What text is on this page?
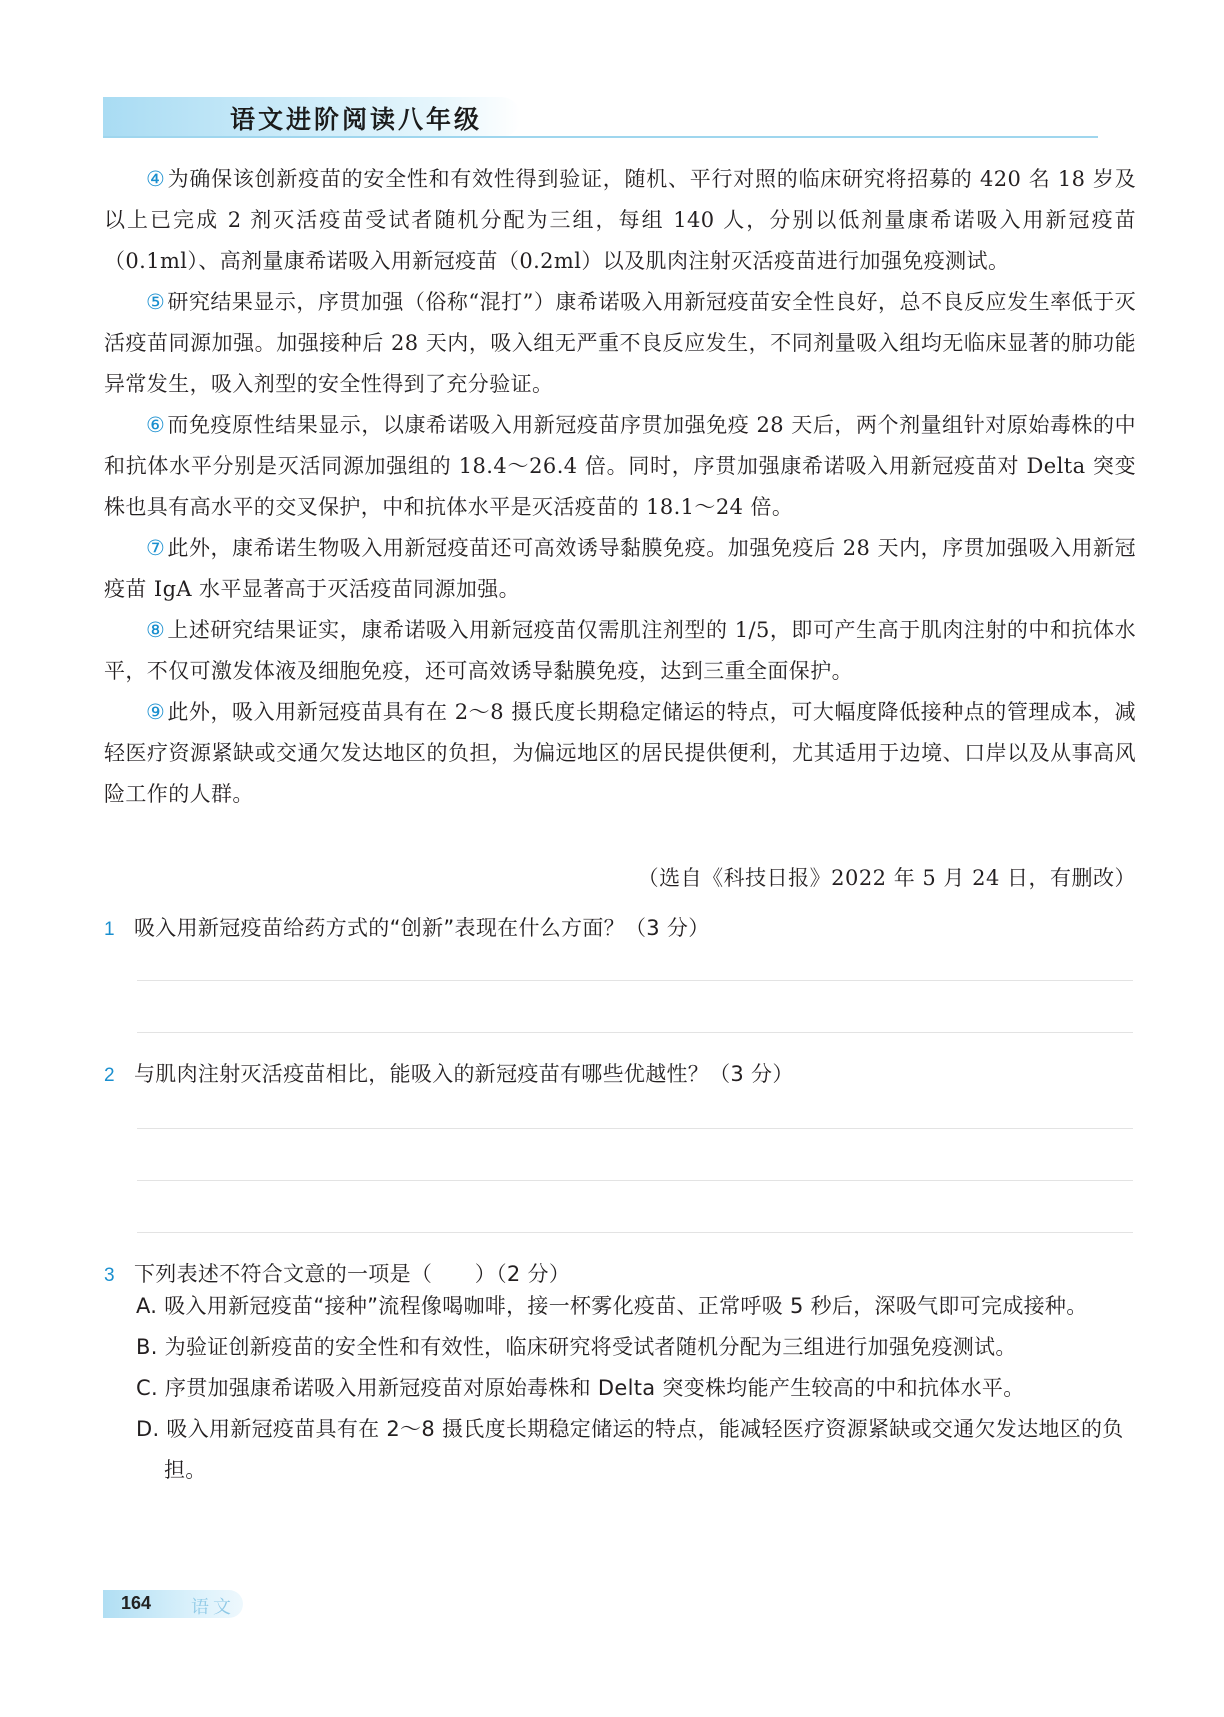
语文进阶阅读八年级

④为确保该创新疫苗的安全性和有效性得到验证，随机、平行对照的临床研究将招募的 420 名 18 岁及以上已完成 2 剂灭活疫苗受试者随机分配为三组，每组 140 人，分别以低剂量康希诺吸入用新冠疫苗（0.1ml）、高剂量康希诺吸入用新冠疫苗（0.2ml）以及肌肉注射灭活疫苗进行加强免疫测试。

⑤研究结果显示，序贯加强（俗称“混打”）康希诺吸入用新冠疫苗安全性良好，总不良反应发生率低于灭活疫苗同源加强。加强接种后 28 天内，吸入组无严重不良反应发生，不同剂量吸入组均无临床显著的肺功能异常发生，吸入剂型的安全性得到了充分验证。

⑥而免疫原性结果显示，以康希诺吸入用新冠疫苗序贯加强免疫 28 天后，两个剂量组针对原始毒株的中和抗体水平分别是灭活同源加强组的 18.4～26.4 倍。同时，序贯加强康希诺吸入用新冠疫苗对 Delta 突变株也具有高水平的交叉保护，中和抗体水平是灭活疫苗的 18.1～24 倍。

⑦此外，康希诺生物吸入用新冠疫苗还可高效诱导黏膜免疫。加强免疫后 28 天内，序贯加强吸入用新冠疫苗 IgA 水平显著高于灭活疫苗同源加强。

⑧上述研究结果证实，康希诺吸入用新冠疫苗仅需肌注剂型的 1/5，即可产生高于肌肉注射的中和抗体水平，不仅可激发体液及细胞免疫，还可高效诱导黏膜免疫，达到三重全面保护。

⑨此外，吸入用新冠疫苗具有在 2～8 摄氏度长期稳定储运的特点，可大幅度降低接种点的管理成本，减轻医疗资源紧缺或交通欠发达地区的负担，为偏远地区的居民提供便利，尤其适用于边境、口岸以及从事高风险工作的人群。

（选自《科技日报》2022 年 5 月 24 日，有删改）
1 吸入用新冠疫苗给药方式的“创新”表现在什么方面？（3 分）
2 与肌肉注射灭活疫苗相比，能吸入的新冠疫苗有哪些优越性？（3 分）
3 下列表述不符合文意的一项是（　　）（2 分）

A. 吸入用新冠疫苗“接种”流程像喝咖啡，接一杯雾化疫苗、正常呼吸 5 秒后，深吸气即可完成接种。

B. 为验证创新疫苗的安全性和有效性，临床研究将受试者随机分配为三组进行加强免疫测试。

C. 序贯加强康希诺吸入用新冠疫苗对原始毒株和 Delta 突变株均能产生较高的中和抗体水平。

D. 吸入用新冠疫苗具有在 2～8 摄氏度长期稳定储运的特点，能减轻医疗资源紧缺或交通欠发达地区的负担。

164 语文
